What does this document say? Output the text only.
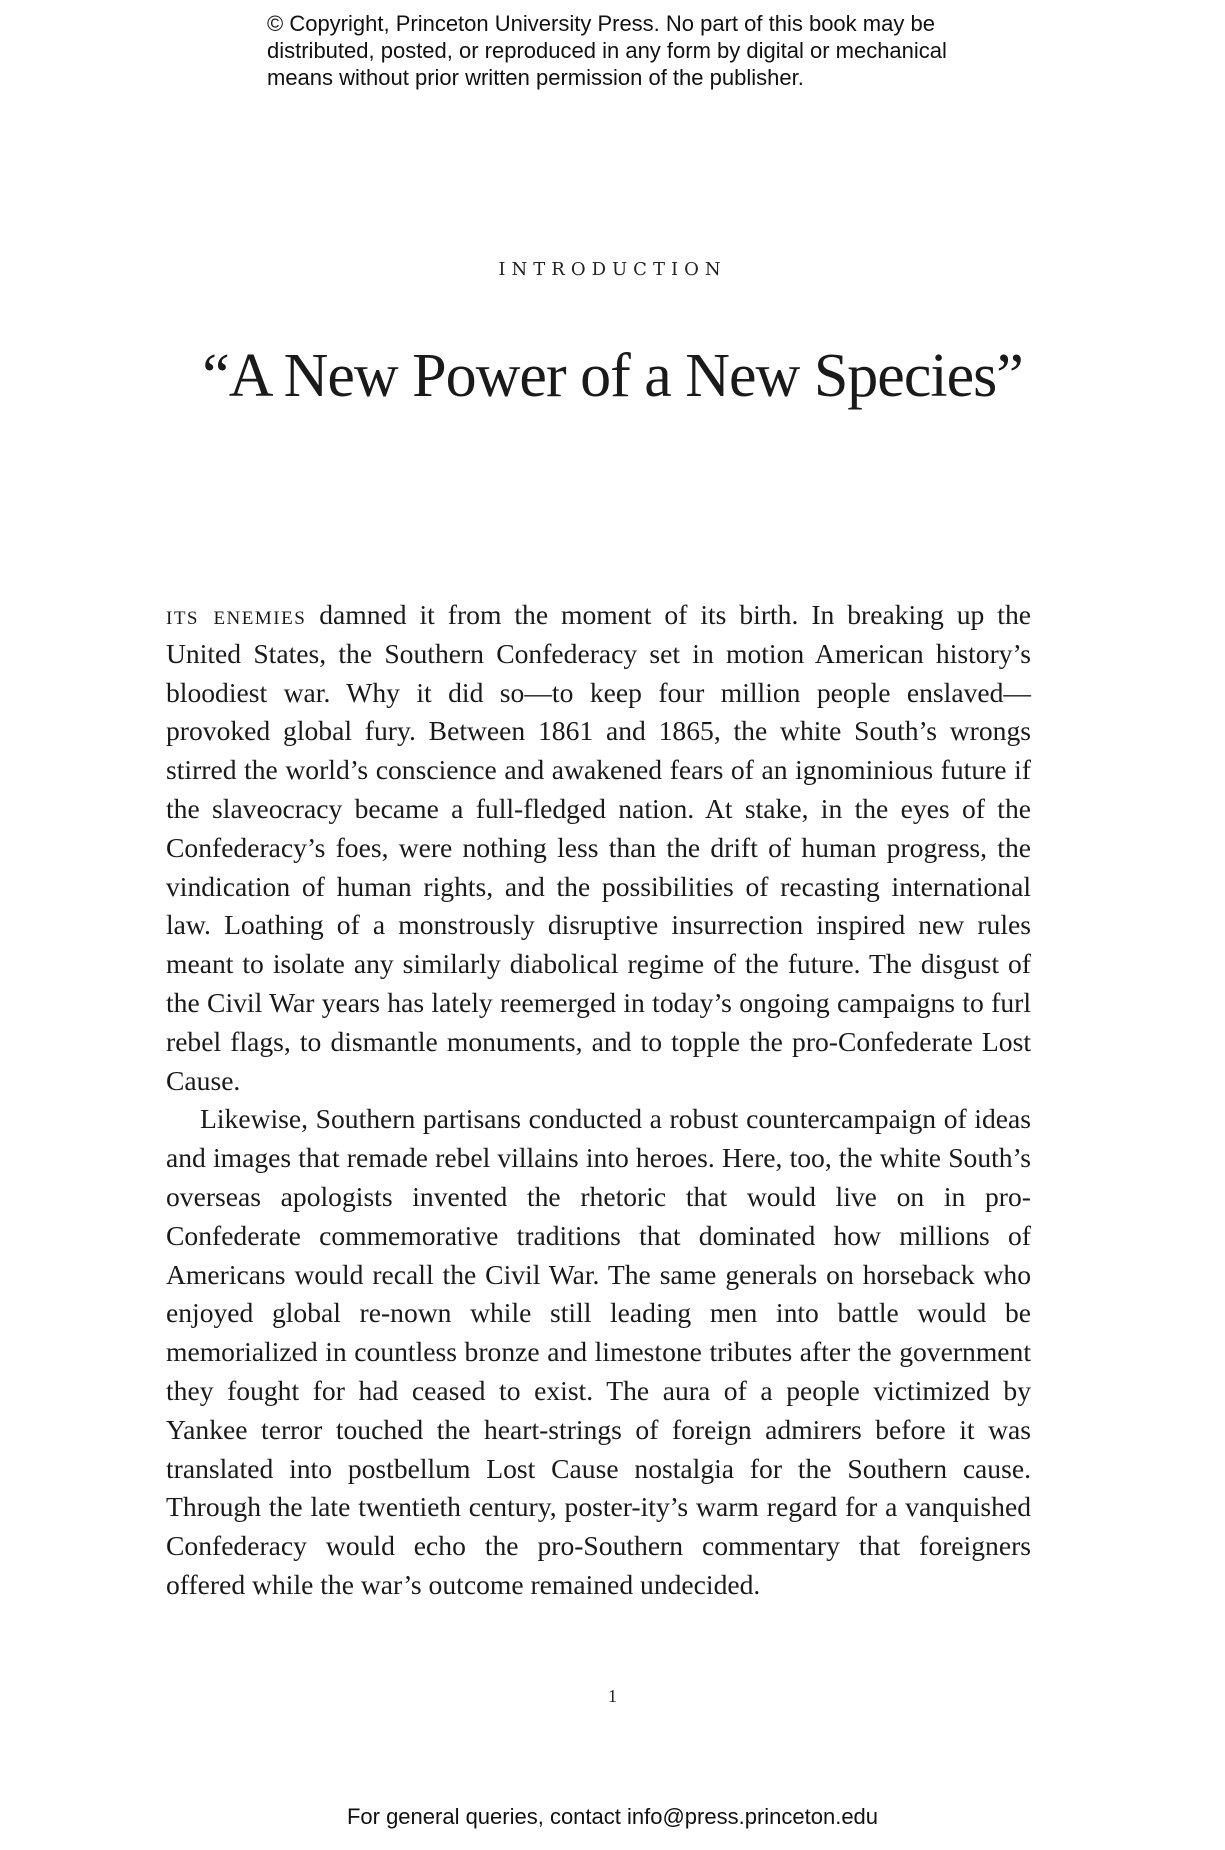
© Copyright, Princeton University Press. No part of this book may be
distributed, posted, or reproduced in any form by digital or mechanical
means without prior written permission of the publisher.
introduction
“A New Power of a New Species”

its enemies damned it from the moment of its birth. In breaking up the United States, the Southern Confederacy set in motion American history’s bloodiest war. Why it did so—to keep four million people enslaved—provoked global fury. Between 1861 and 1865, the white South’s wrongs stirred the world’s conscience and awakened fears of an ignominious future if the slaveocracy became a full-fledged nation. At stake, in the eyes of the Confederacy’s foes, were nothing less than the drift of human progress, the vindication of human rights, and the possibilities of recasting international law. Loathing of a monstrously disruptive insurrection inspired new rules meant to isolate any similarly diabolical regime of the future. The disgust of the Civil War years has lately reemerged in today’s ongoing campaigns to furl rebel flags, to dismantle monuments, and to topple the pro-Confederate Lost Cause.

Likewise, Southern partisans conducted a robust countercampaign of ideas and images that remade rebel villains into heroes. Here, too, the white South’s overseas apologists invented the rhetoric that would live on in pro-Confederate commemorative traditions that dominated how millions of Americans would recall the Civil War. The same generals on horseback who enjoyed global re-nown while still leading men into battle would be memorialized in countless bronze and limestone tributes after the government they fought for had ceased to exist. The aura of a people victimized by Yankee terror touched the heart-strings of foreign admirers before it was translated into postbellum Lost Cause nostalgia for the Southern cause. Through the late twentieth century, poster-ity’s warm regard for a vanquished Confederacy would echo the pro-Southern commentary that foreigners offered while the war’s outcome remained undecided.

1
For general queries, contact info@press.princeton.edu
